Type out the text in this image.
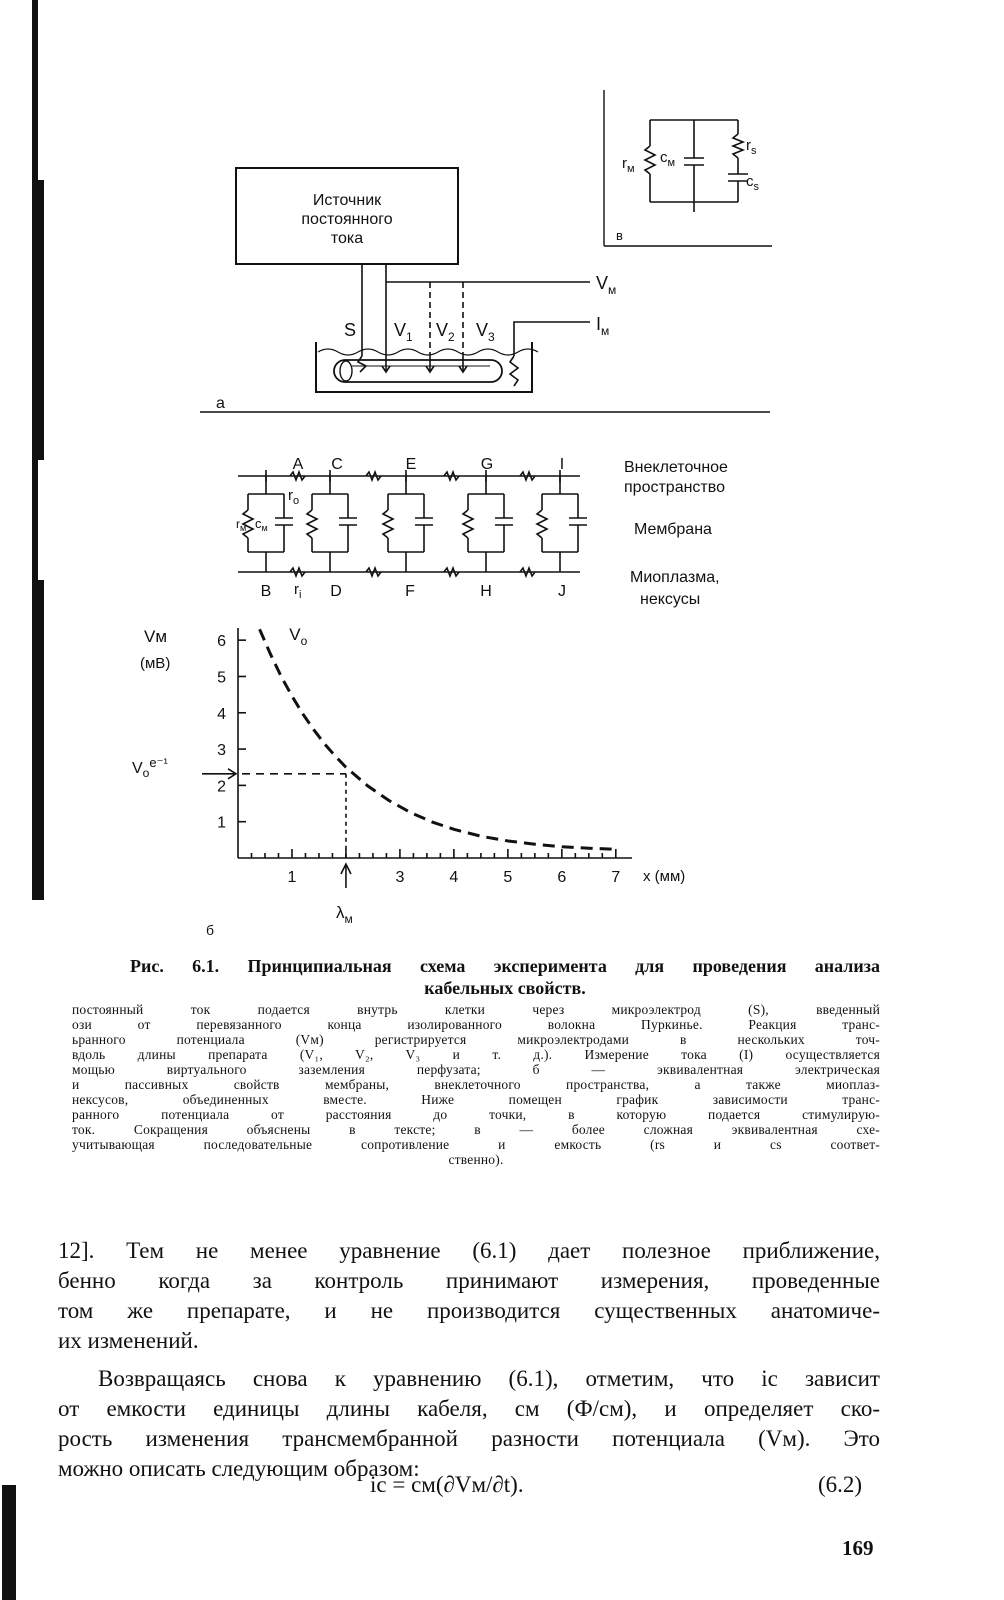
Источник
постоянного
тока
$V_м$
$I_м$
S $V_1$ $V_2$ $V_3$
а
$r_м$
$c_м$
$r_s$
$c_s$
в
A C	E	G	I
B	D	F	H	J
$r_о$
$r_i$
$r_м$ $c_м$
Внеклеточное
пространство
Мембрана
Миоплазма,
нексусы
Vм
(мВ)
x (мм)
б
1
2
3
4
5
6
1	3	4	5	6	7
$V_о$
$V_о^{e^{-1}}$
$\lambda_м$
Рис. 6.1. Принципиальная схема эксперимента для проведения анализа
кабельных свойств.
постоянный ток подается внутрь клетки через микроэлектрод (S), введенный
ози от перевязанного конца изолированного волокна Пуркинье. Реакция транс-
ьранного потенциала (Vм) регистрируется микроэлектродами в нескольких точ-
вдоль длины препарата (V₁, V₂, V₃ и т. д.). Измерение тока (I) осуществляется
мощью виртуального заземления перфузата; б — эквивалентная электрическая
и пассивных свойств мембраны, внеклеточного пространства, а также миоплаз-
нексусов, объединенных вместе. Ниже помещен график зависимости транс-
ранного потенциала от расстояния до точки, в которую подается стимулирую-
ток. Сокращения объяснены в тексте; в — более сложная эквивалентная схе-
учитывающая последовательные сопротивление и емкость (rs и cs соответ-
ственно).
12]. Тем не менее уравнение (6.1) дает полезное приближение,
бенно когда за контроль принимают измерения, проведенные
том же препарате, и не производится существенных анатомиче-
их изменений.
Возвращаясь снова к уравнению (6.1), отметим, что iс зависит
от емкости единицы длины кабеля, cм (Ф/см), и определяет ско-
рость изменения трансмембранной разности потенциала (Vм). Это
можно описать следующим образом:
iс = cм(∂Vм/∂t).	(6.2)
169
